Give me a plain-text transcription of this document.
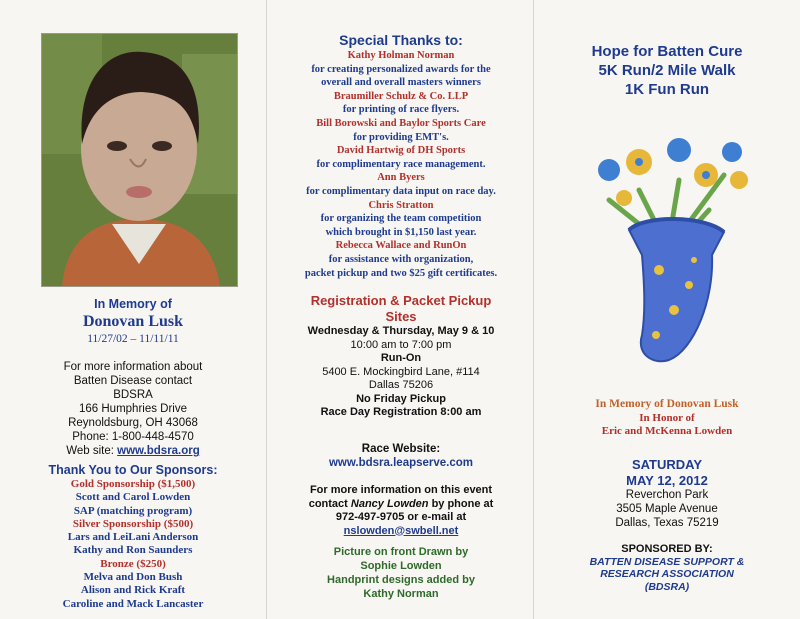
In Memory of
Donovan Lusk
11/27/02 – 11/11/11
For more information about
Batten Disease contact
BDSRA
166 Humphries Drive
Reynoldsburg, OH 43068
Phone: 1-800-448-4570
Web site: www.bdsra.org
Thank You to Our Sponsors:
Gold Sponsorship ($1,500)
Scott and Carol Lowden
SAP (matching program)
Silver Sponsorship ($500)
Lars and LeiLani Anderson
Kathy and Ron Saunders
Bronze ($250)
Melva and Don Bush
Alison and Rick Kraft
Caroline and Mack Lancaster
Special Thanks to:
Kathy Holman Norman
for creating personalized awards for the
overall and overall masters winners
Braumiller Schulz & Co. LLP
for printing of race flyers.
Bill Borowski and Baylor Sports Care
for providing EMT's.
David Hartwig of DH Sports
for complimentary race management.
Ann Byers
for complimentary data input on race day.
Chris Stratton
for organizing the team competition
which brought in $1,150 last year.
Rebecca Wallace and RunOn
for assistance with organization,
packet pickup and two $25 gift certificates.
Registration & Packet Pickup
Sites
Wednesday & Thursday, May 9 & 10
10:00 am to 7:00 pm
Run-On
5400 E. Mockingbird Lane, #114
Dallas 75206
No Friday Pickup
Race Day Registration 8:00 am
Race Website:
www.bdsra.leapserve.com
For more information on this event
contact Nancy Lowden by phone at
972-497-9705 or e-mail at
nslowden@swbell.net
Picture on front Drawn by
Sophie Lowden
Handprint designs added by
Kathy Norman
Hope for Batten Cure
5K Run/2 Mile Walk
1K Fun Run
In Memory of Donovan Lusk
In Honor of
Eric and McKenna Lowden
SATURDAY
MAY 12, 2012
Reverchon Park
3505 Maple Avenue
Dallas, Texas 75219
SPONSORED BY:
BATTEN DISEASE SUPPORT &
RESEARCH ASSOCIATION
(BDSRA)
